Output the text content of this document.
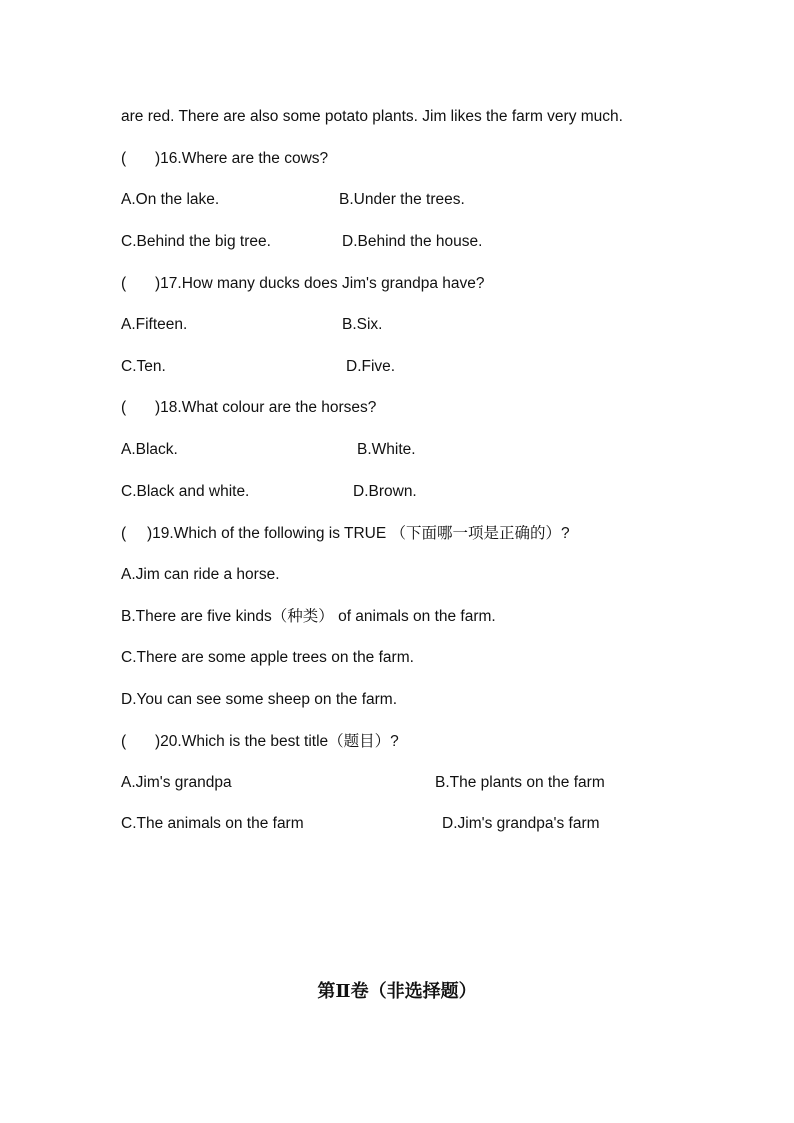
are red. There are also some potato plants. Jim likes the farm very much.
( )16.Where are the cows?
A.On the lake.	B.Under the trees.
C.Behind the big tree.	D.Behind the house.
( )17.How many ducks does Jim's grandpa have?
A.Fifteen.	B.Six.
C.Ten.	D.Five.
( )18.What colour are the horses?
A.Black.	B.White.
C.Black and white.	D.Brown.
( )19.Which of the following is TRUE （下面哪一项是正确的）?
A.Jim can ride a horse.
B.There are five kinds（种类） of animals on the farm.
C.There are some apple trees on the farm.
D.You can see some sheep on the farm.
( )20.Which is the best title（题目）?
A.Jim's grandpa	B.The plants on the farm
C.The animals on the farm	D.Jim's grandpa's farm
第Ⅱ卷（非选择题）
